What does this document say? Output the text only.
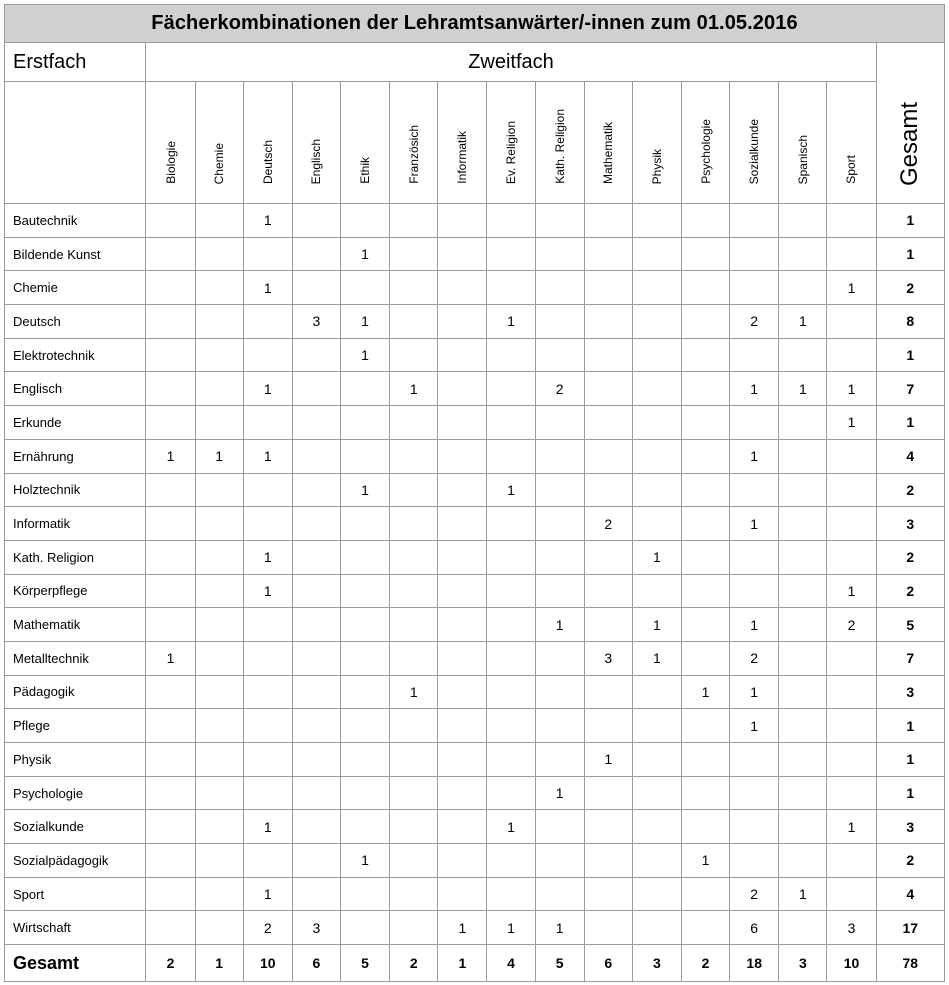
Fächerkombinationen der Lehramtsanwärter/-innen zum 01.05.2016																
Erstfach	Zweitfach															Gesamt
	Biologie	Chemie	Deutsch	Englisch	Ethik	Französich	Informatik	Ev. Religion	Kath. Religion	Mathematik	Physik	Psychologie	Sozialkunde	Spanisch	Sport	
Bautechnik			1													1
Bildende Kunst					1											1
Chemie			1												1	2
Deutsch				3	1			1					2	1		8
Elektrotechnik					1											1
Englisch			1			1			2				1	1	1	7
Erkunde															1	1
Ernährung	1	1	1										1			4
Holztechnik					1			1								2
Informatik										2			1			3
Kath. Religion			1								1					2
Körperpflege			1												1	2
Mathematik									1		1		1		2	5
Metalltechnik	1									3	1		2			7
Pädagogik						1						1	1			3
Pflege													1			1
Physik										1						1
Psychologie									1							1
Sozialkunde			1					1							1	3
Sozialpädagogik					1							1				2
Sport			1										2	1		4
Wirtschaft			2	3			1	1	1				6		3	17
Gesamt	2	1	10	6	5	2	1	4	5	6	3	2	18	3	10	78
